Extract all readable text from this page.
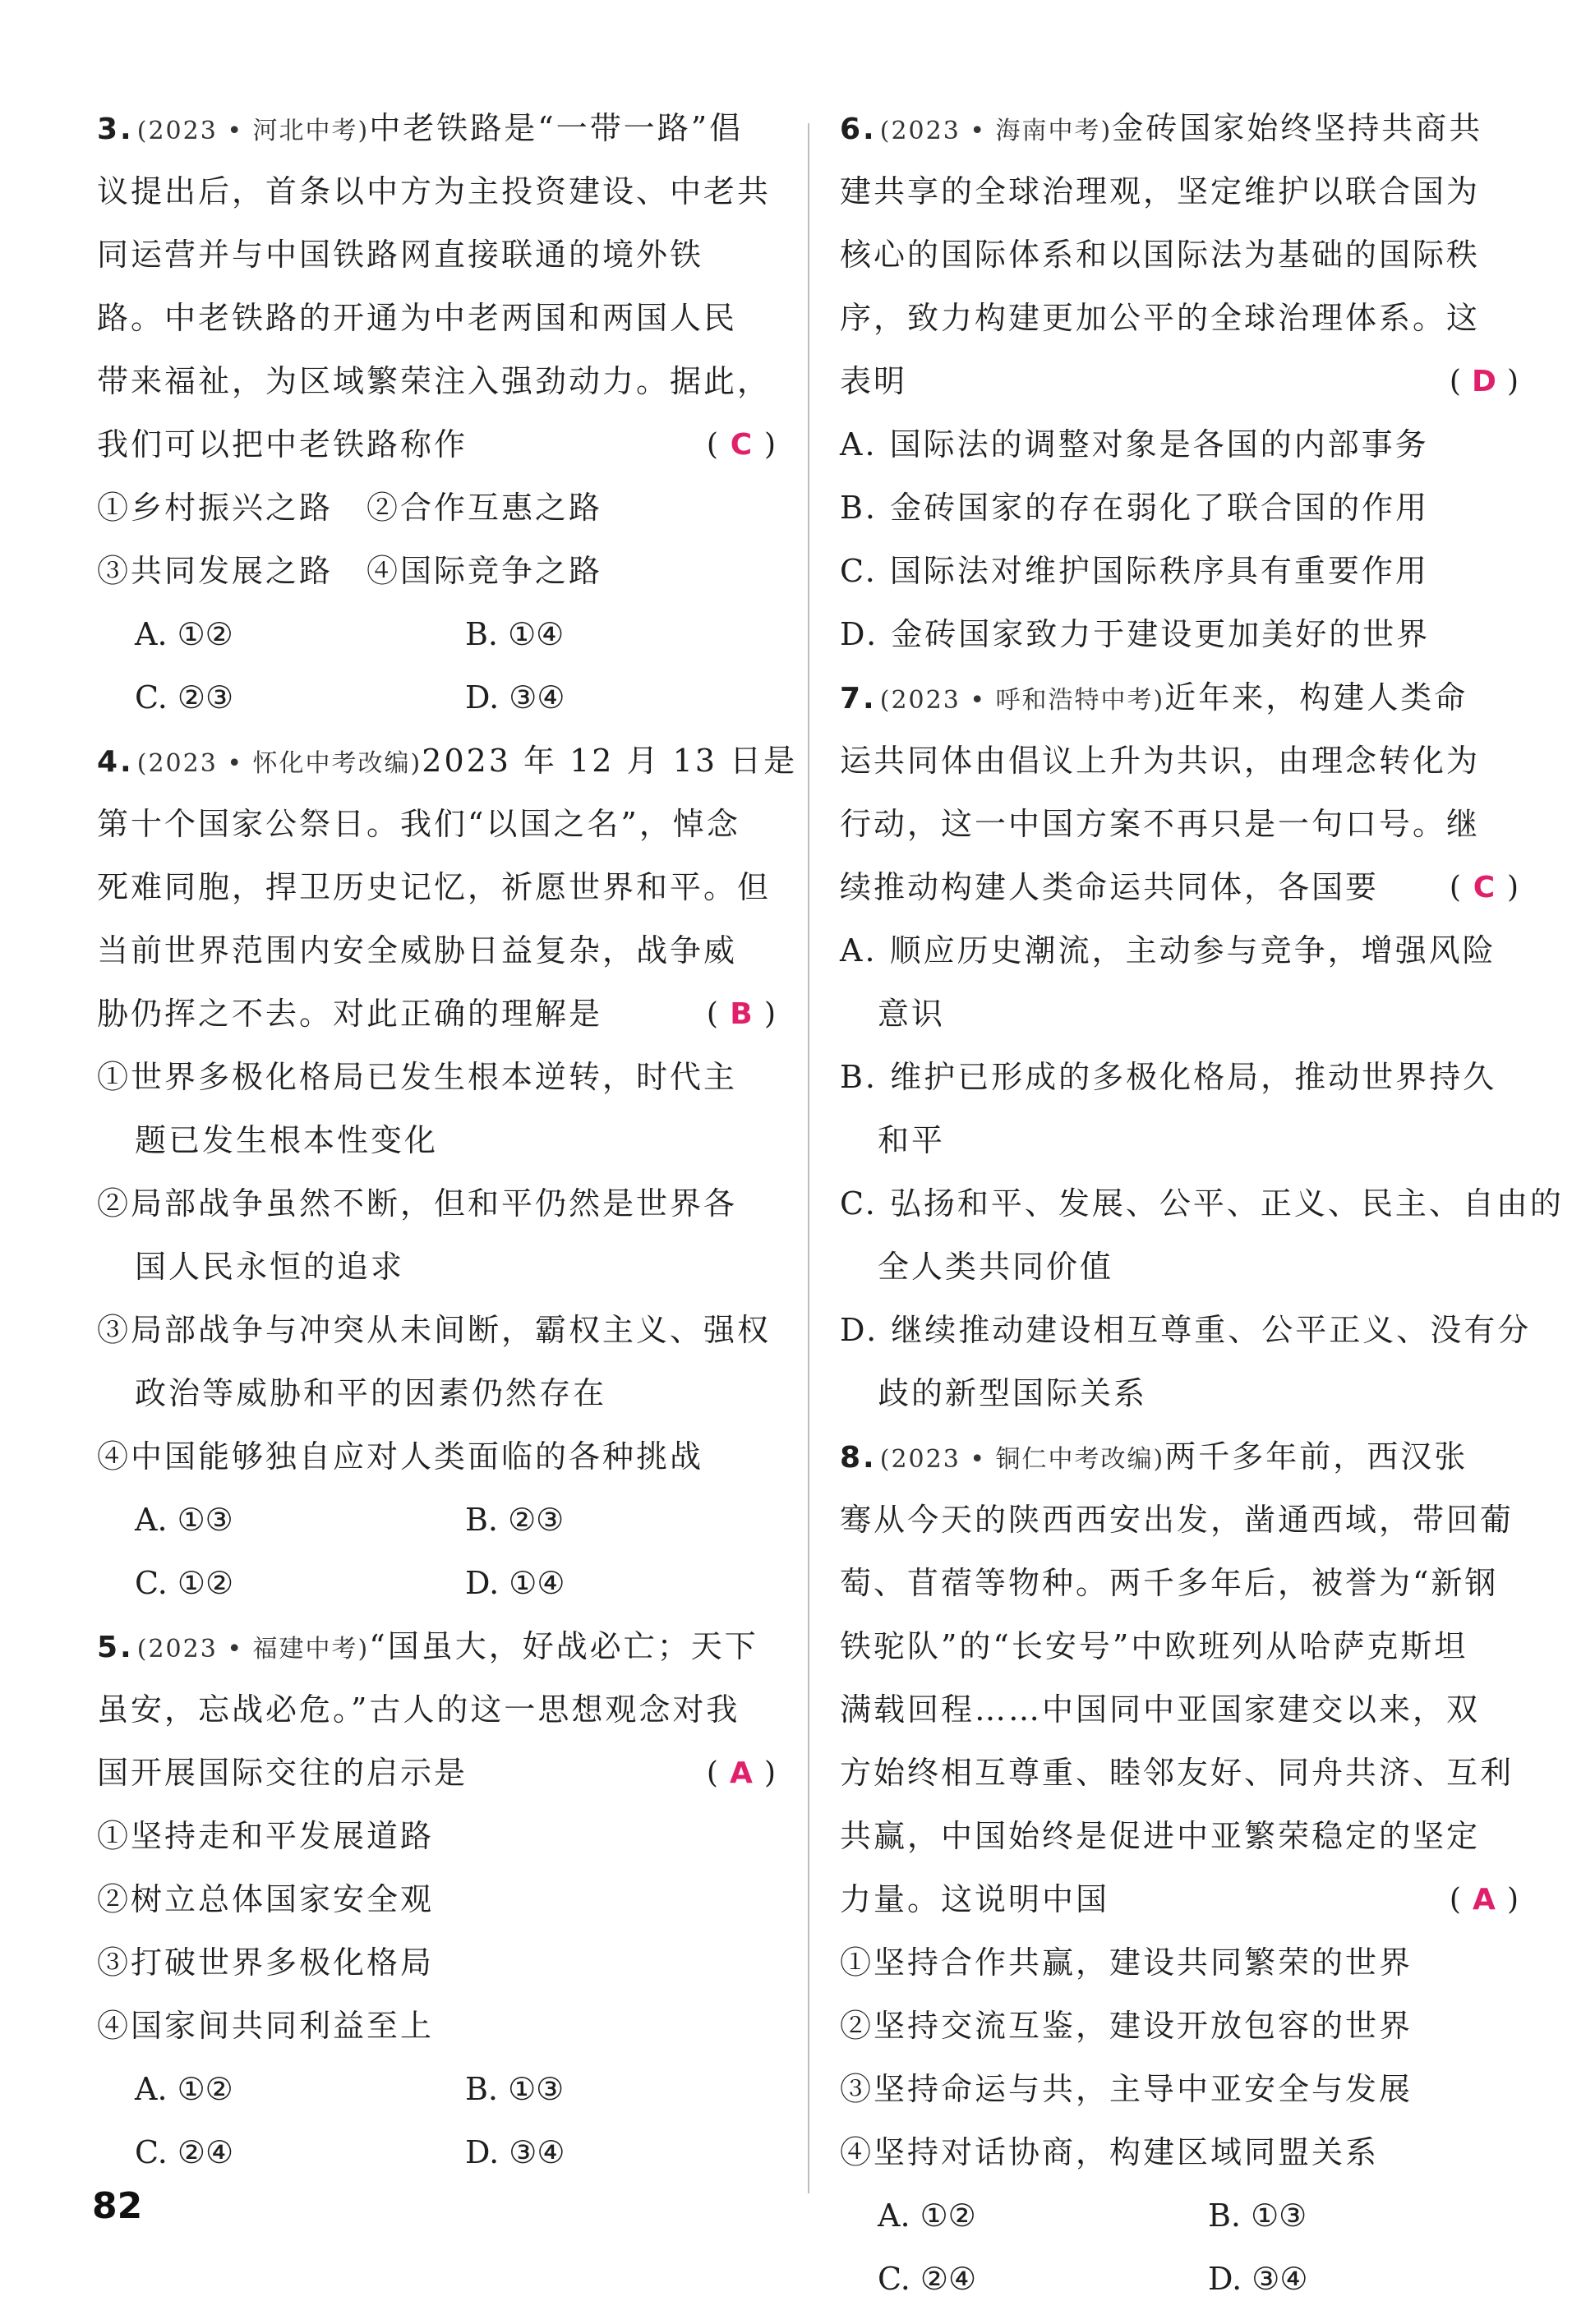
3. (2023 • 河北中考)中老铁路是“一带一路”倡
议提出后，首条以中方为主投资建设、中老共
同运营并与中国铁路网直接联通的境外铁
路。中老铁路的开通为中老两国和两国人民
带来福祉，为区域繁荣注入强劲动力。据此，
我们可以把中老铁路称作	( C )
①乡村振兴之路　②合作互惠之路
③共同发展之路　④国际竞争之路
A. ①②	B. ①④
C. ②③	D. ③④
4. (2023 • 怀化中考改编)2023 年 12 月 13 日是
第十个国家公祭日。我们“以国之名”，悼念
死难同胞，捍卫历史记忆，祈愿世界和平。但
当前世界范围内安全威胁日益复杂，战争威
胁仍挥之不去。对此正确的理解是	( B )
①世界多极化格局已发生根本逆转，时代主
题已发生根本性变化
②局部战争虽然不断，但和平仍然是世界各
国人民永恒的追求
③局部战争与冲突从未间断，霸权主义、强权
政治等威胁和平的因素仍然存在
④中国能够独自应对人类面临的各种挑战
A. ①③	B. ②③
C. ①②	D. ①④
5. (2023 • 福建中考)“国虽大，好战必亡；天下
虽安，忘战必危。”古人的这一思想观念对我
国开展国际交往的启示是	( A )
①坚持走和平发展道路
②树立总体国家安全观
③打破世界多极化格局
④国家间共同利益至上
A. ①②	B. ①③
C. ②④	D. ③④
6. (2023 • 海南中考)金砖国家始终坚持共商共
建共享的全球治理观，坚定维护以联合国为
核心的国际体系和以国际法为基础的国际秩
序，致力构建更加公平的全球治理体系。这
表明	( D )
A. 国际法的调整对象是各国的内部事务
B. 金砖国家的存在弱化了联合国的作用
C. 国际法对维护国际秩序具有重要作用
D. 金砖国家致力于建设更加美好的世界
7. (2023 • 呼和浩特中考)近年来，构建人类命
运共同体由倡议上升为共识，由理念转化为
行动，这一中国方案不再只是一句口号。继
续推动构建人类命运共同体，各国要 ( C )
A. 顺应历史潮流，主动参与竞争，增强风险
意识
B. 维护已形成的多极化格局，推动世界持久
和平
C. 弘扬和平、发展、公平、正义、民主、自由的
全人类共同价值
D. 继续推动建设相互尊重、公平正义、没有分
歧的新型国际关系
8. (2023 • 铜仁中考改编)两千多年前，西汉张
骞从今天的陕西西安出发，凿通西域，带回葡
萄、苜蓿等物种。两千多年后，被誉为“新钢
铁驼队”的“长安号”中欧班列从哈萨克斯坦
满载回程……中国同中亚国家建交以来，双
方始终相互尊重、睦邻友好、同舟共济、互利
共赢，中国始终是促进中亚繁荣稳定的坚定
力量。这说明中国	( A )
①坚持合作共赢，建设共同繁荣的世界
②坚持交流互鉴，建设开放包容的世界
③坚持命运与共，主导中亚安全与发展
④坚持对话协商，构建区域同盟关系
A. ①②	B. ①③
C. ②④	D. ③④
82
